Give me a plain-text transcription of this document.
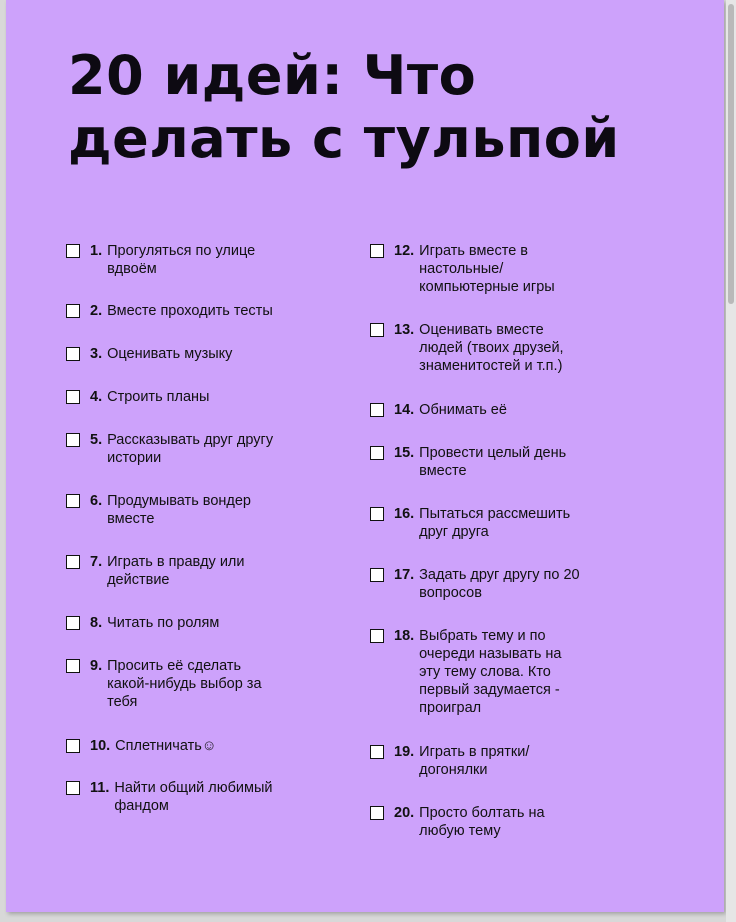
20 идей: Что делать с тульпой
1. Прогуляться по улице
вдвоём
2. Вместе проходить тесты
3. Оценивать музыку
4. Строить планы
5. Рассказывать друг другу
истории
6. Продумывать вондер
вместе
7. Играть в правду или
действие
8. Читать по ролям
9. Просить её сделать
какой-нибудь выбор за
тебя
10. Сплетничать☺
11. Найти общий любимый
фандом
12. Играть вместе в
настольные/
компьютерные игры
13. Оценивать вместе
людей (твоих друзей,
знаменитостей и т.п.)
14. Обнимать её
15. Провести целый день
вместе
16. Пытаться рассмешить
друг друга
17. Задать друг другу по 20
вопросов
18. Выбрать тему и по
очереди называть на
эту тему слова. Кто
первый задумается -
проиграл
19. Играть в прятки/
догонялки
20. Просто болтать на
любую тему
